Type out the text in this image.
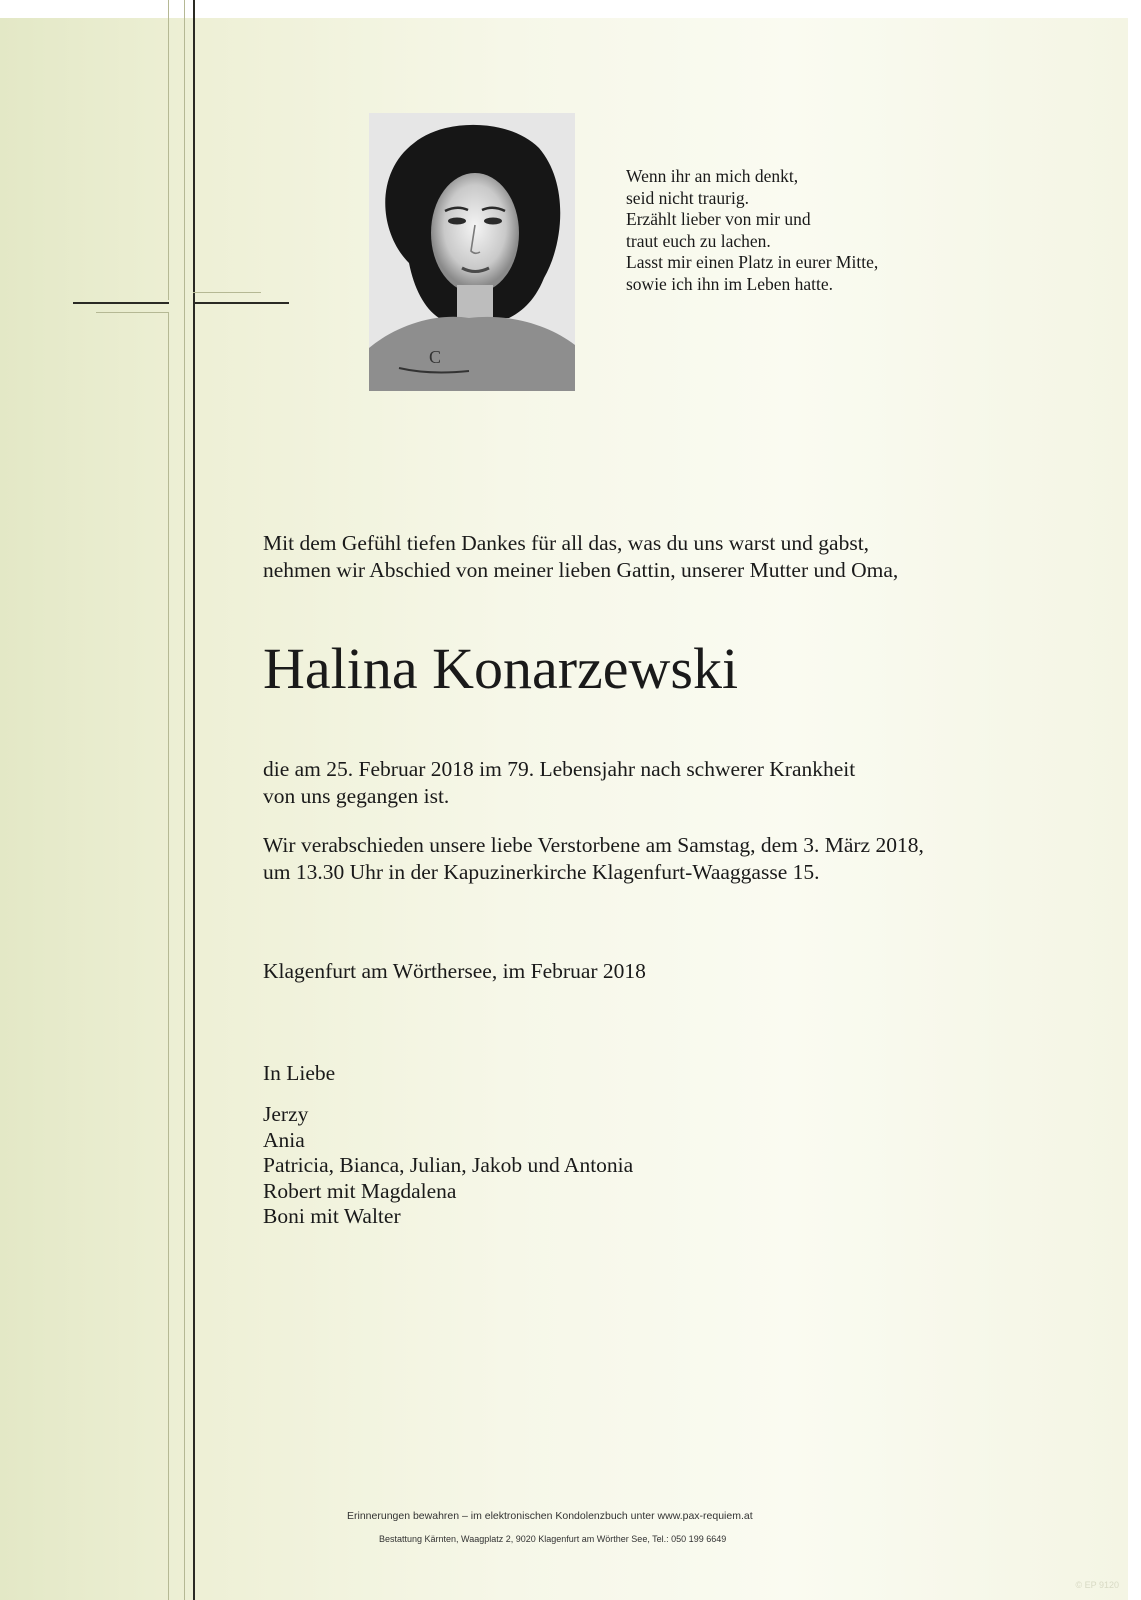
C
Wenn ihr an mich denkt,
seid nicht traurig.
Erzählt lieber von mir und
traut euch zu lachen.
Lasst mir einen Platz in eurer Mitte,
sowie ich ihn im Leben hatte.
Mit dem Gefühl tiefen Dankes für all das, was du uns warst und gabst,
nehmen wir Abschied von meiner lieben Gattin, unserer Mutter und Oma,
Halina Konarzewski
die am 25. Februar 2018 im 79. Lebensjahr nach schwerer Krankheit
von uns gegangen ist.
Wir verabschieden unsere liebe Verstorbene am Samstag, dem 3. März 2018,
um 13.30 Uhr in der Kapuzinerkirche Klagenfurt-Waaggasse 15.
Klagenfurt am Wörthersee, im Februar 2018
In Liebe
Jerzy
Ania
Patricia, Bianca, Julian, Jakob und Antonia
Robert mit Magdalena
Boni mit Walter
Erinnerungen bewahren – im elektronischen Kondolenzbuch unter www.pax-requiem.at
Bestattung Kärnten, Waagplatz 2, 9020 Klagenfurt am Wörther See, Tel.: 050 199 6649
© EP 9120
